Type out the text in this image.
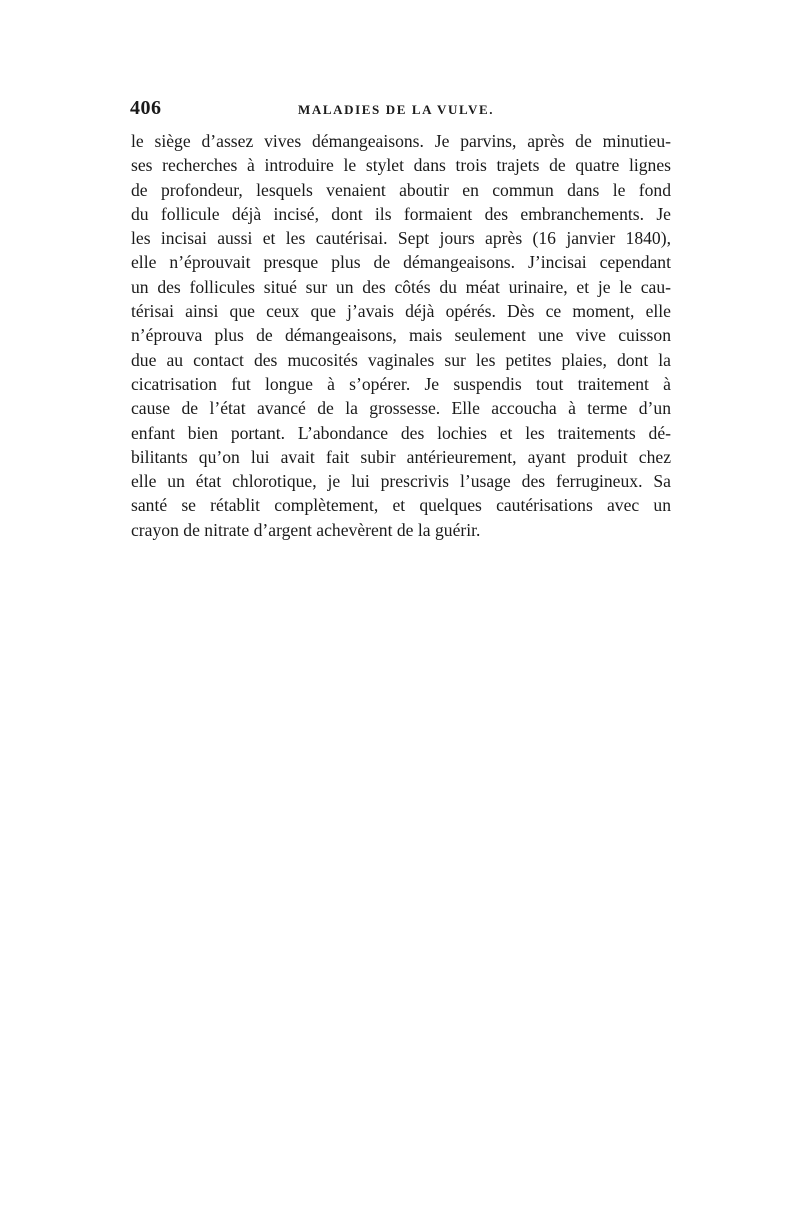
406	MALADIES DE LA VULVE.
le siège d’assez vives démangeaisons. Je parvins, après de minutieu-
ses recherches à introduire le stylet dans trois trajets de quatre lignes
de profondeur, lesquels venaient aboutir en commun dans le fond
du follicule déjà incisé, dont ils formaient des embranchements. Je
les incisai aussi et les cautérisai. Sept jours après (16 janvier 1840),
elle n’éprouvait presque plus de démangeaisons. J’incisai cependant
un des follicules situé sur un des côtés du méat urinaire, et je le cau-
térisai ainsi que ceux que j’avais déjà opérés. Dès ce moment, elle
n’éprouva plus de démangeaisons, mais seulement une vive cuisson
due au contact des mucosités vaginales sur les petites plaies, dont la
cicatrisation fut longue à s’opérer. Je suspendis tout traitement à
cause de l’état avancé de la grossesse. Elle accoucha à terme d’un
enfant bien portant. L’abondance des lochies et les traitements dé-
bilitants qu’on lui avait fait subir antérieurement, ayant produit chez
elle un état chlorotique, je lui prescrivis l’usage des ferrugineux. Sa
santé se rétablit complètement, et quelques cautérisations avec un
crayon de nitrate d’argent achevèrent de la guérir.
